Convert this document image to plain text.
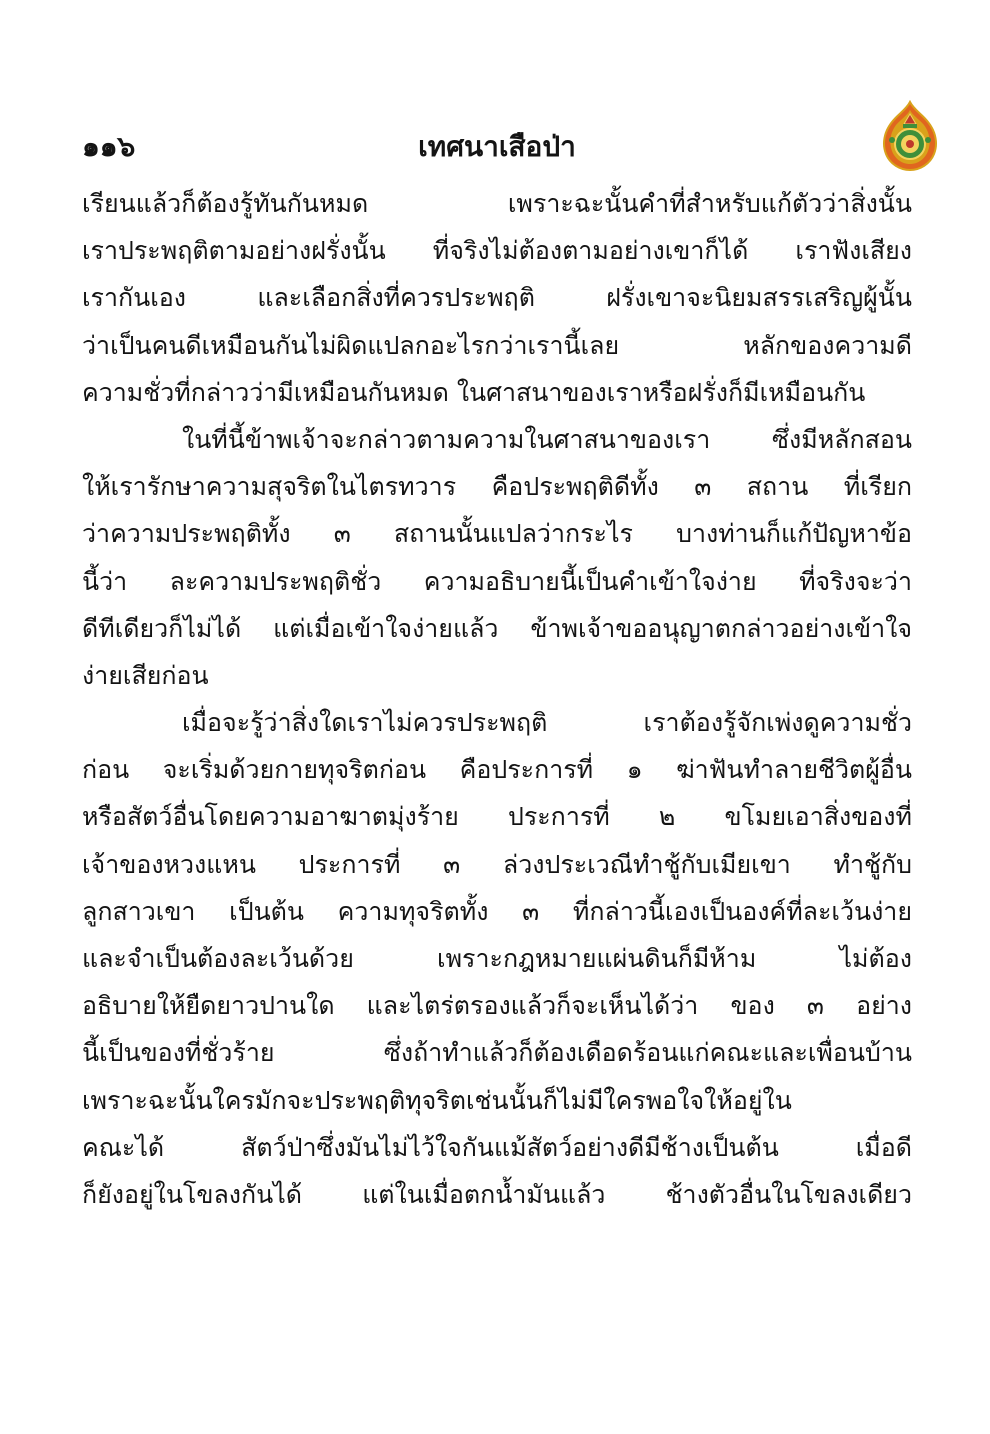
๑๑๖	เทศนาเสือป่า
เรียนแล้วก็ต้องรู้ทันกันหมด เพราะฉะนั้นคำที่สำหรับแก้ตัวว่าสิ่งนั้น
เราประพฤติตามอย่างฝรั่งนั้น ที่จริงไม่ต้องตามอย่างเขาก็ได้ เราฟังเสียง
เรากันเอง และเลือกสิ่งที่ควรประพฤติ ฝรั่งเขาจะนิยมสรรเสริญผู้นั้น
ว่าเป็นคนดีเหมือนกันไม่ผิดแปลกอะไรกว่าเรานี้เลย หลักของความดี
ความชั่วที่กล่าวว่ามีเหมือนกันหมด ในศาสนาของเราหรือฝรั่งก็มีเหมือนกัน
ในที่นี้ข้าพเจ้าจะกล่าวตามความในศาสนาของเรา ซึ่งมีหลักสอน
ให้เรารักษาความสุจริตในไตรทวาร คือประพฤติดีทั้ง ๓ สถาน ที่เรียก
ว่าความประพฤติทั้ง ๓ สถานนั้นแปลว่ากระไร บางท่านก็แก้ปัญหาข้อ
นี้ว่า ละความประพฤติชั่ว ความอธิบายนี้เป็นคำเข้าใจง่าย ที่จริงจะว่า
ดีทีเดียวก็ไม่ได้ แต่เมื่อเข้าใจง่ายแล้ว ข้าพเจ้าขออนุญาตกล่าวอย่างเข้าใจ
ง่ายเสียก่อน
เมื่อจะรู้ว่าสิ่งใดเราไม่ควรประพฤติ เราต้องรู้จักเพ่งดูความชั่ว
ก่อน จะเริ่มด้วยกายทุจริตก่อน คือประการที่ ๑ ฆ่าฟันทำลายชีวิตผู้อื่น
หรือสัตว์อื่นโดยความอาฆาตมุ่งร้าย ประการที่ ๒ ขโมยเอาสิ่งของที่
เจ้าของหวงแหน ประการที่ ๓ ล่วงประเวณีทำชู้กับเมียเขา ทำชู้กับ
ลูกสาวเขา เป็นต้น ความทุจริตทั้ง ๓ ที่กล่าวนี้เองเป็นองค์ที่ละเว้นง่าย
และจำเป็นต้องละเว้นด้วย เพราะกฎหมายแผ่นดินก็มีห้าม ไม่ต้อง
อธิบายให้ยืดยาวปานใด และไตร่ตรองแล้วก็จะเห็นได้ว่า ของ ๓ อย่าง
นี้เป็นของที่ชั่วร้าย ซึ่งถ้าทำแล้วก็ต้องเดือดร้อนแก่คณะและเพื่อนบ้าน
เพราะฉะนั้นใครมักจะประพฤติทุจริตเช่นนั้นก็ไม่มีใครพอใจให้อยู่ใน
คณะได้ สัตว์ป่าซึ่งมันไม่ไว้ใจกันแม้สัตว์อย่างดีมีช้างเป็นต้น เมื่อดี
ก็ยังอยู่ในโขลงกันได้ แต่ในเมื่อตกน้ำมันแล้ว ช้างตัวอื่นในโขลงเดียว
